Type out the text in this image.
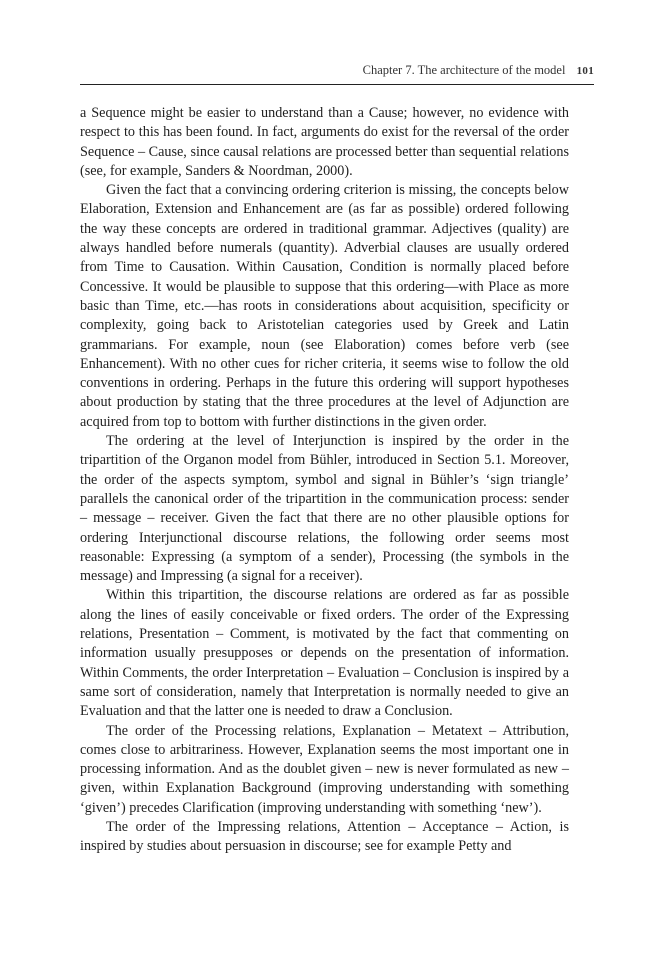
Chapter 7. The architecture of the model 101

a Sequence might be easier to understand than a Cause; however, no evidence with respect to this has been found. In fact, arguments do exist for the reversal of the order Sequence – Cause, since causal relations are processed better than sequential relations (see, for example, Sanders & Noordman, 2000).

Given the fact that a convincing ordering criterion is missing, the concepts below Elaboration, Extension and Enhancement are (as far as possible) ordered following the way these concepts are ordered in traditional grammar. Adjectives (quality) are always handled before numerals (quantity). Adverbial clauses are usually ordered from Time to Causation. Within Causation, Condition is normally placed before Concessive. It would be plausible to suppose that this ordering—with Place as more basic than Time, etc.—has roots in considerations about acquisition, specificity or complexity, going back to Aristotelian categories used by Greek and Latin grammarians. For example, noun (see Elaboration) comes before verb (see Enhancement). With no other cues for richer criteria, it seems wise to follow the old conventions in ordering. Perhaps in the future this ordering will support hypotheses about production by stating that the three procedures at the level of Adjunction are acquired from top to bottom with further distinctions in the given order.

The ordering at the level of Interjunction is inspired by the order in the tripartition of the Organon model from Bühler, introduced in Section 5.1. Moreover, the order of the aspects symptom, symbol and signal in Bühler’s ‘sign triangle’ parallels the canonical order of the tripartition in the communication process: sender – message – receiver. Given the fact that there are no other plausible options for ordering Interjunctional discourse relations, the following order seems most reasonable: Expressing (a symptom of a sender), Processing (the symbols in the message) and Impressing (a signal for a receiver).

Within this tripartition, the discourse relations are ordered as far as possible along the lines of easily conceivable or fixed orders. The order of the Expressing relations, Presentation – Comment, is motivated by the fact that commenting on information usually presupposes or depends on the presentation of information. Within Comments, the order Interpretation – Evaluation – Conclusion is inspired by a same sort of consideration, namely that Interpretation is normally needed to give an Evaluation and that the latter one is needed to draw a Conclusion.

The order of the Processing relations, Explanation – Metatext – Attribution, comes close to arbitrariness. However, Explanation seems the most important one in processing information. And as the doublet given – new is never formulated as new – given, within Explanation Background (improving understanding with something ‘given’) precedes Clarification (improving understanding with something ‘new’).

The order of the Impressing relations, Attention – Acceptance – Action, is inspired by studies about persuasion in discourse; see for example Petty and
